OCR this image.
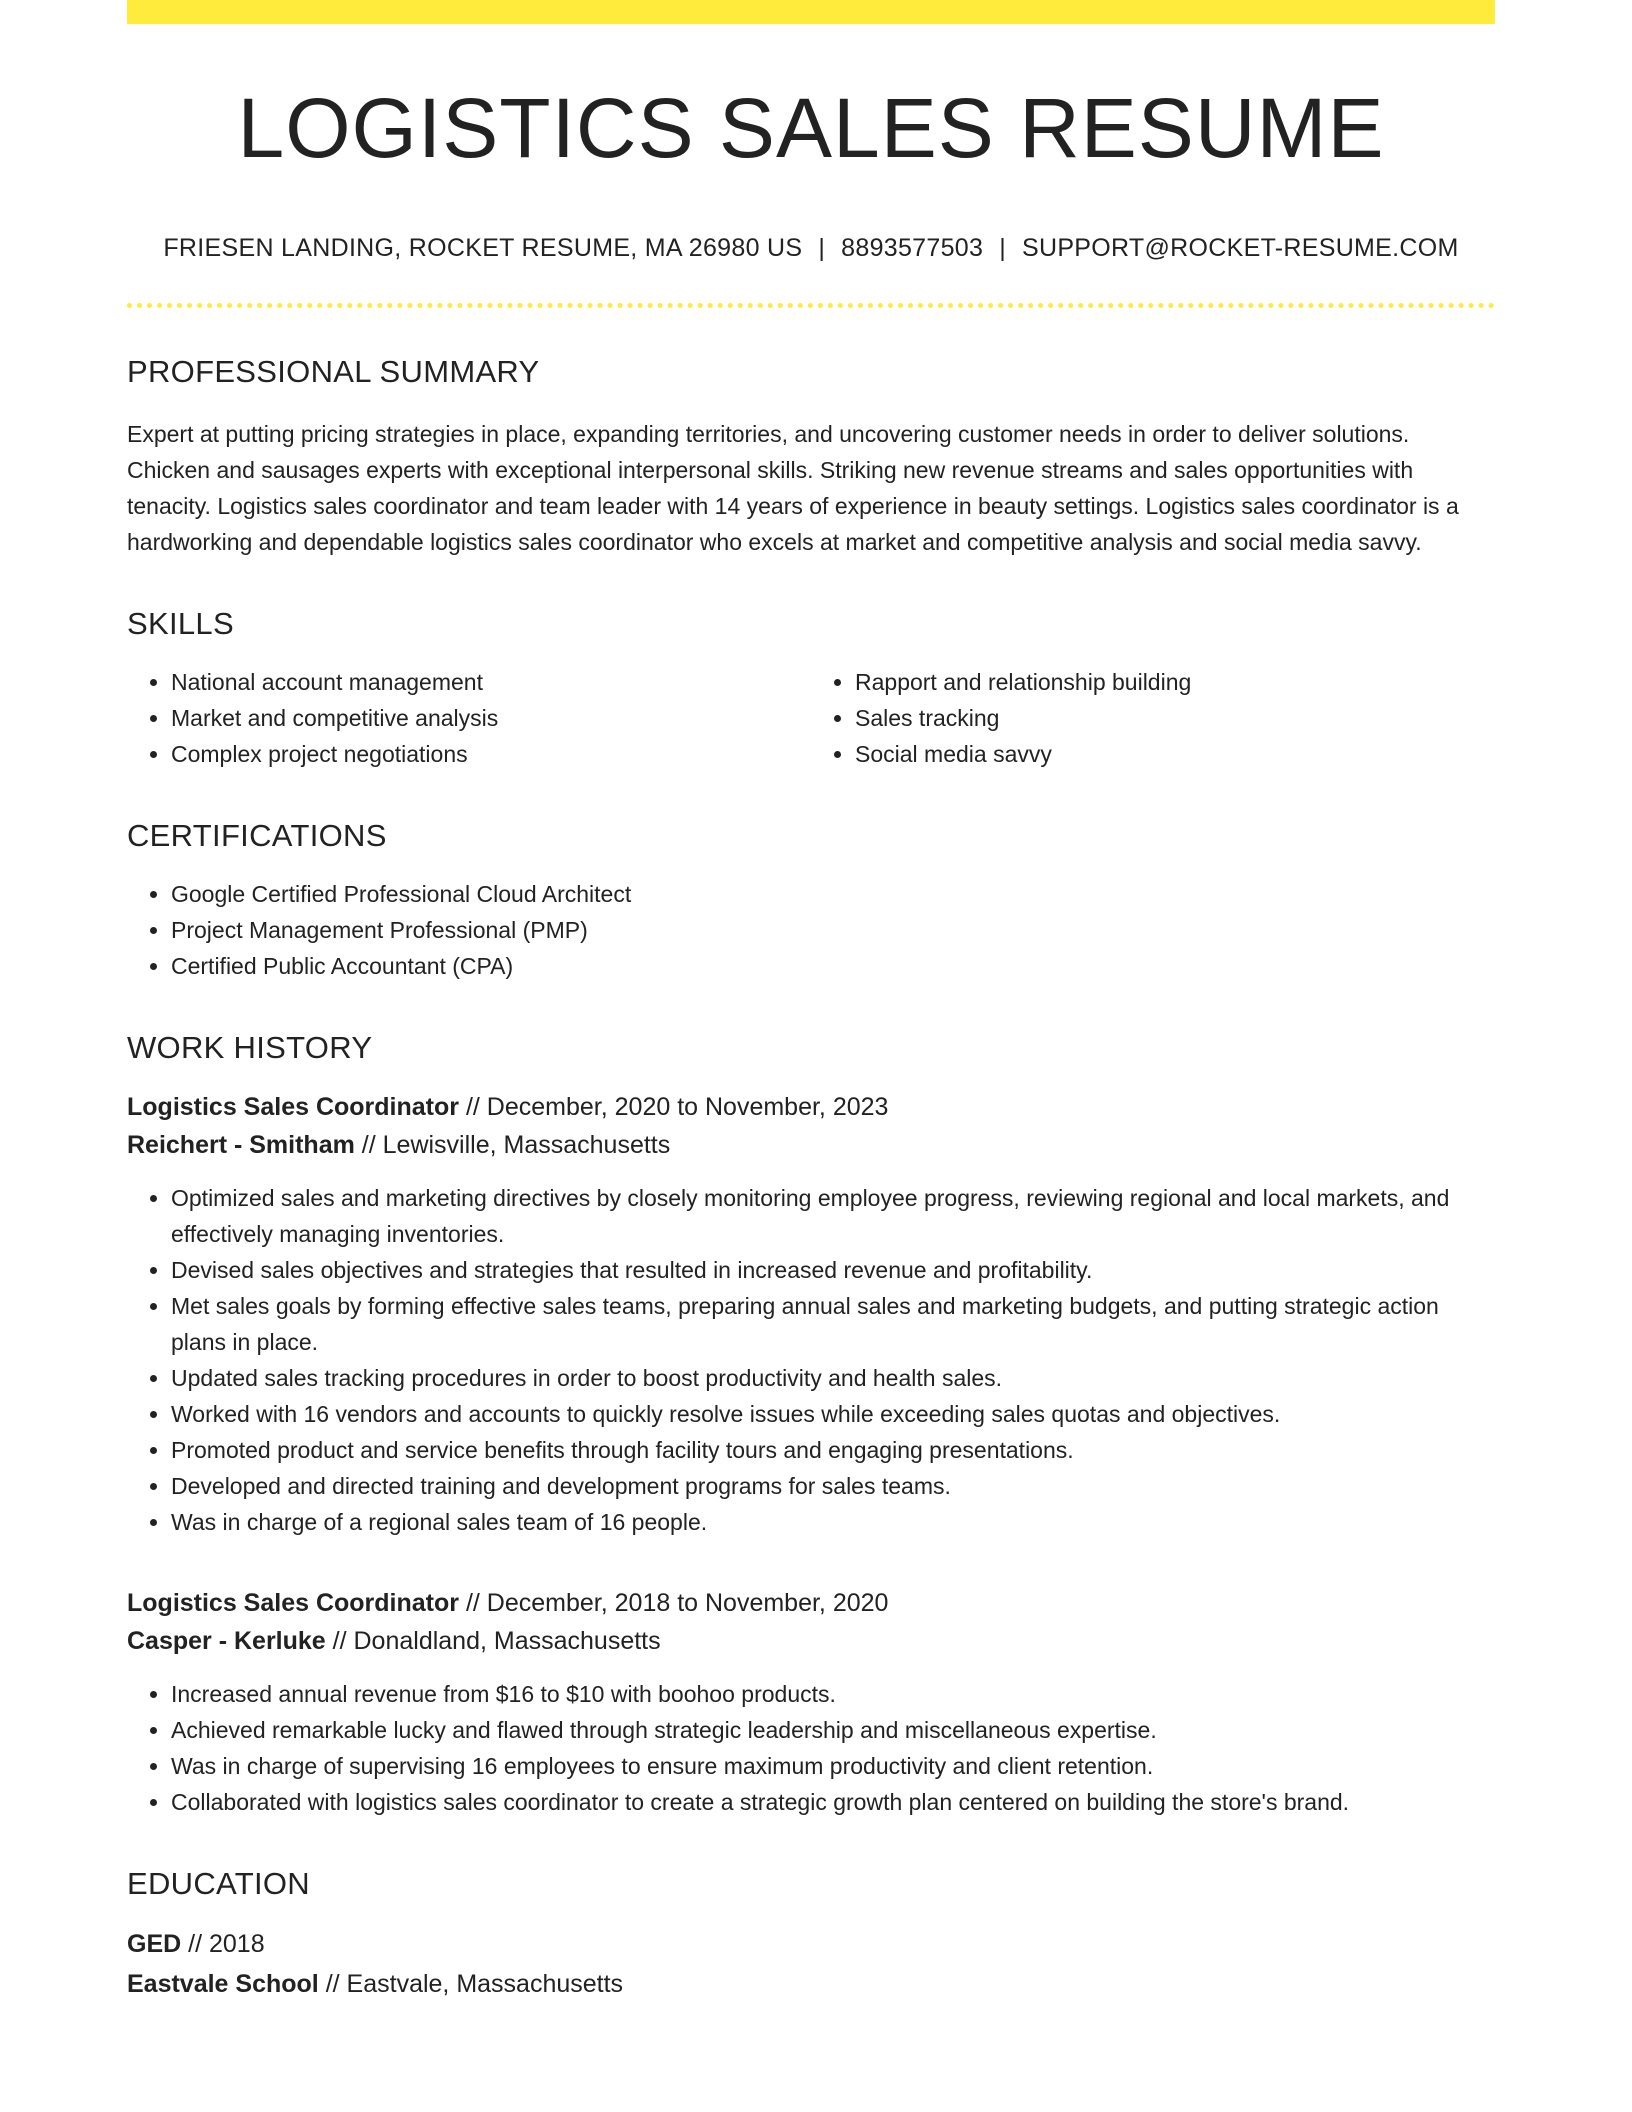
LOGISTICS SALES RESUME
FRIESEN LANDING, ROCKET RESUME, MA 26980 US | 8893577503 | SUPPORT@ROCKET-RESUME.COM
PROFESSIONAL SUMMARY
Expert at putting pricing strategies in place, expanding territories, and uncovering customer needs in order to deliver solutions. Chicken and sausages experts with exceptional interpersonal skills. Striking new revenue streams and sales opportunities with tenacity. Logistics sales coordinator and team leader with 14 years of experience in beauty settings. Logistics sales coordinator is a hardworking and dependable logistics sales coordinator who excels at market and competitive analysis and social media savvy.
SKILLS
• National account management
• Market and competitive analysis
• Complex project negotiations
• Rapport and relationship building
• Sales tracking
• Social media savvy
CERTIFICATIONS
• Google Certified Professional Cloud Architect
• Project Management Professional (PMP)
• Certified Public Accountant (CPA)
WORK HISTORY
Logistics Sales Coordinator // December, 2020 to November, 2023
Reichert - Smitham // Lewisville, Massachusetts
• Optimized sales and marketing directives by closely monitoring employee progress, reviewing regional and local markets, and effectively managing inventories.
• Devised sales objectives and strategies that resulted in increased revenue and profitability.
• Met sales goals by forming effective sales teams, preparing annual sales and marketing budgets, and putting strategic action plans in place.
• Updated sales tracking procedures in order to boost productivity and health sales.
• Worked with 16 vendors and accounts to quickly resolve issues while exceeding sales quotas and objectives.
• Promoted product and service benefits through facility tours and engaging presentations.
• Developed and directed training and development programs for sales teams.
• Was in charge of a regional sales team of 16 people.
Logistics Sales Coordinator // December, 2018 to November, 2020
Casper - Kerluke // Donaldland, Massachusetts
• Increased annual revenue from $16 to $10 with boohoo products.
• Achieved remarkable lucky and flawed through strategic leadership and miscellaneous expertise.
• Was in charge of supervising 16 employees to ensure maximum productivity and client retention.
• Collaborated with logistics sales coordinator to create a strategic growth plan centered on building the store's brand.
EDUCATION
GED // 2018
Eastvale School // Eastvale, Massachusetts
